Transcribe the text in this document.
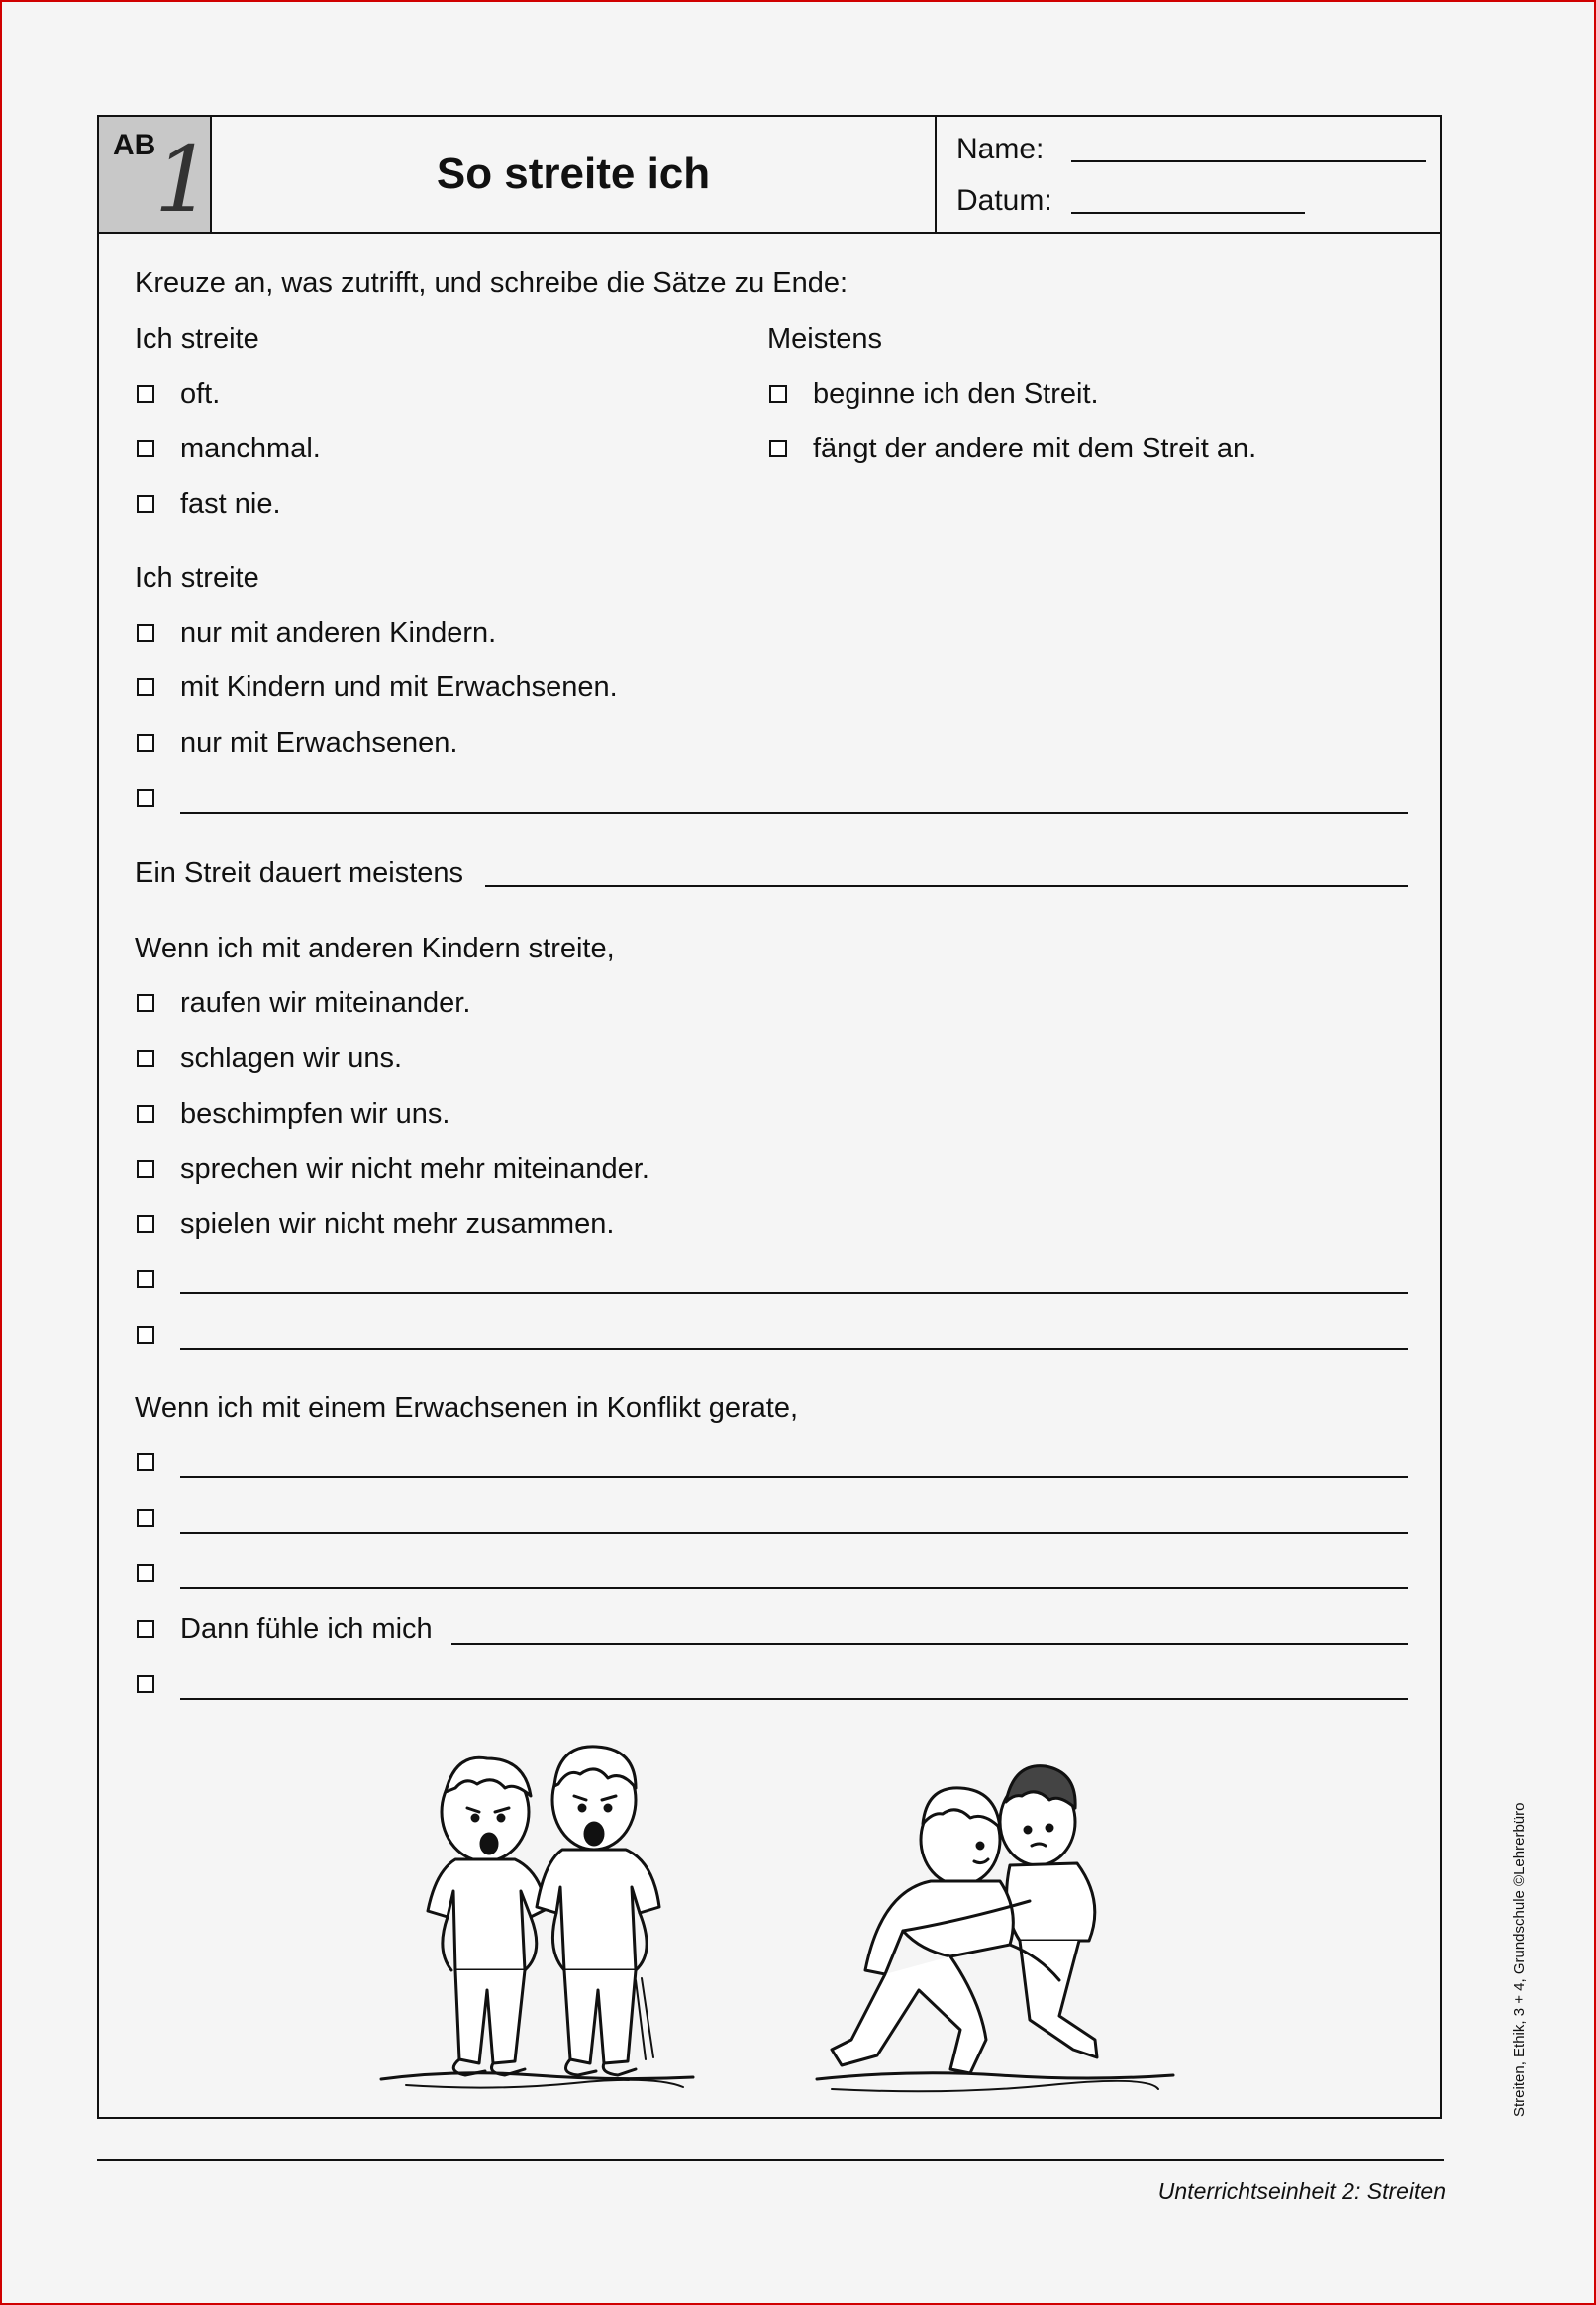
AB
1	So streite ich
Name:
Datum:
Kreuze an, was zutrifft, und schreibe die Sätze zu Ende:
Ich streite
oft.
manchmal.
fast nie.
Meistens
beginne ich den Streit.
fängt der andere mit dem Streit an.
Ich streite
nur mit anderen Kindern.
mit Kindern und mit Erwachsenen.
nur mit Erwachsenen.
Ein Streit dauert meistens
Wenn ich mit anderen Kindern streite,
raufen wir miteinander.
schlagen wir uns.
beschimpfen wir uns.
sprechen wir nicht mehr miteinander.
spielen wir nicht mehr zusammen.
Wenn ich mit einem Erwachsenen in Konflikt gerate,
Dann fühle ich mich
Unterrichtseinheit 2: Streiten
Streiten, Ethik, 3 + 4, Grundschule ©Lehrerbüro
